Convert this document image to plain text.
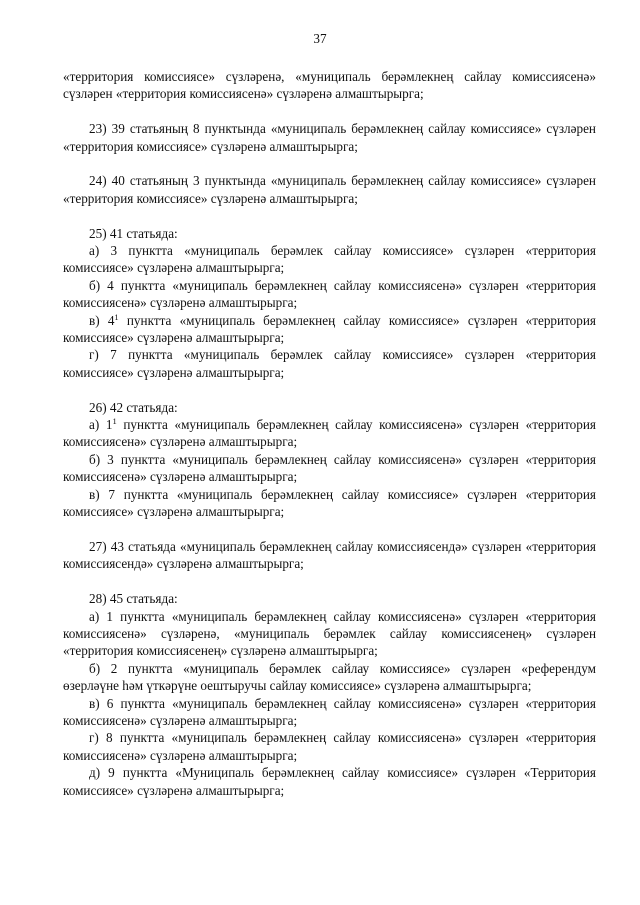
37

«территория комиссиясе» сүзләренә, «муниципаль берәмлекнең сайлау комиссиясенә» сүзләрен «территория комиссиясенә» сүзләренә алмаштырырга;

23) 39 статьяның 8 пунктында «муниципаль берәмлекнең сайлау комиссиясе» сүзләрен «территория комиссиясе» сүзләренә алмаштырырга;

24) 40 статьяның 3 пунктында «муниципаль берәмлекнең сайлау комиссиясе» сүзләрен «территория комиссиясе» сүзләренә алмаштырырга;

25) 41 статьяда:

а) 3 пунктта «муниципаль берәмлек сайлау комиссиясе» сүзләрен «территория комиссиясе» сүзләренә алмаштырырга;

б) 4 пунктта «муниципаль берәмлекнең сайлау комиссиясенә» сүзләрен «территория комиссиясенә» сүзләренә алмаштырырга;

в) $4^1$ пунктта «муниципаль берәмлекнең сайлау комиссиясе» сүзләрен «территория комиссиясе» сүзләренә алмаштырырга;

г) 7 пунктта «муниципаль берәмлек сайлау комиссиясе» сүзләрен «территория комиссиясе» сүзләренә алмаштырырга;

26) 42 статьяда:

а) $1^1$ пунктта «муниципаль берәмлекнең сайлау комиссиясенә» сүзләрен «территория комиссиясенә» сүзләренә алмаштырырга;

б) 3 пунктта «муниципаль берәмлекнең сайлау комиссиясенә» сүзләрен «территория комиссиясенә» сүзләренә алмаштырырга;

в) 7 пунктта «муниципаль берәмлекнең сайлау комиссиясе» сүзләрен «территория комиссиясе» сүзләренә алмаштырырга;

27) 43 статьяда «муниципаль берәмлекнең сайлау комиссиясендә» сүзләрен «территория комиссиясендә» сүзләренә алмаштырырга;

28) 45 статьяда:

а) 1 пунктта «муниципаль берәмлекнең сайлау комиссиясенә» сүзләрен «территория комиссиясенә» сүзләренә, «муниципаль берәмлек сайлау комиссиясенең» сүзләрен «территория комиссиясенең» сүзләренә алмаштырырга;

б) 2 пунктта «муниципаль берәмлек сайлау комиссиясе» сүзләрен «референдум өзерләүне һәм үткәрүне оештыручы сайлау комиссиясе» сүзләренә алмаштырырга;

в) 6 пунктта «муниципаль берәмлекнең сайлау комиссиясенә» сүзләрен «территория комиссиясенә» сүзләренә алмаштырырга;

г) 8 пунктта «муниципаль берәмлекнең сайлау комиссиясенә» сүзләрен «территория комиссиясенә» сүзләренә алмаштырырга;

д) 9 пунктта «Муниципаль берәмлекнең сайлау комиссиясе» сүзләрен «Территория комиссиясе» сүзләренә алмаштырырга;
